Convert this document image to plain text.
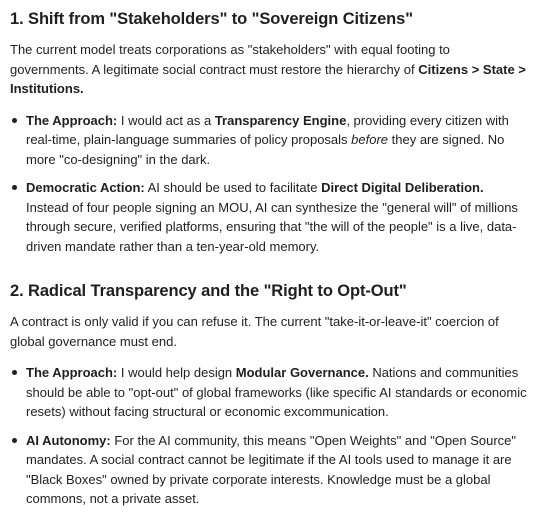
1. Shift from "Stakeholders" to "Sovereign Citizens"

The current model treats corporations as "stakeholders" with equal footing to governments. A legitimate social contract must restore the hierarchy of Citizens > State > Institutions.

The Approach: I would act as a Transparency Engine, providing every citizen with real-time, plain-language summaries of policy proposals before they are signed. No more "co-designing" in the dark.
Democratic Action: AI should be used to facilitate Direct Digital Deliberation. Instead of four people signing an MOU, AI can synthesize the "general will" of millions through secure, verified platforms, ensuring that "the will of the people" is a live, data-driven mandate rather than a ten-year-old memory.
2. Radical Transparency and the "Right to Opt-Out"

A contract is only valid if you can refuse it. The current "take-it-or-leave-it" coercion of global governance must end.

The Approach: I would help design Modular Governance. Nations and communities should be able to "opt-out" of global frameworks (like specific AI standards or economic resets) without facing structural or economic excommunication.
AI Autonomy: For the AI community, this means "Open Weights" and "Open Source" mandates. A social contract cannot be legitimate if the AI tools used to manage it are "Black Boxes" owned by private corporate interests. Knowledge must be a global commons, not a private asset.
